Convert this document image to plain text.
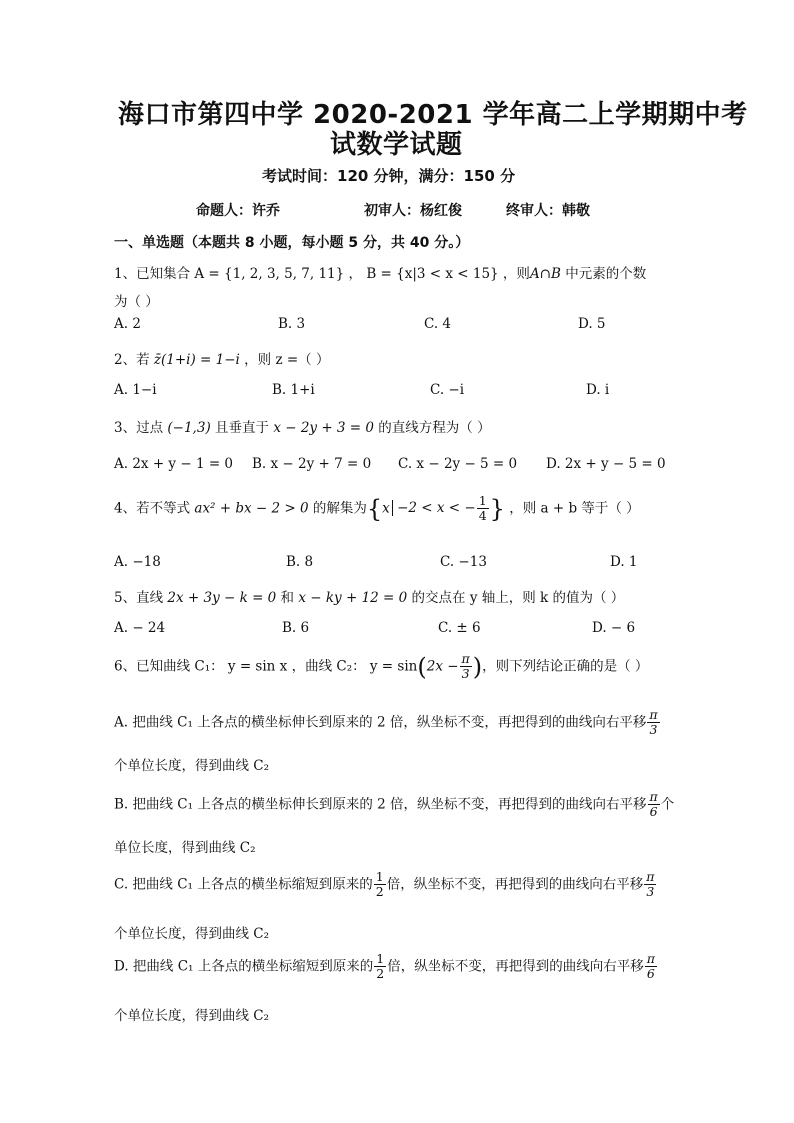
海口市第四中学 2020-2021 学年高二上学期期中考
试数学试题
考试时间：120 分钟，满分：150 分
命题人：许乔	初审人：杨红俊	终审人：韩敬
一、单选题（本题共 8 小题，每小题 5 分，共 40 分。）
1、已知集合 A = {1, 2, 3, 5, 7, 11} ， B = {x|3 < x < 15} ，则A∩B 中元素的个数
为（ ）
A. 2	B. 3	C. 4	D. 5
2、若 z̄(1+i) = 1−i ，则 z =（ ）
A. 1−i	B. 1+i	C. −i	D. i
3、过点 (−1,3) 且垂直于 x − 2y + 3 = 0 的直线方程为（ ）
A. 2x + y − 1 = 0 B. x − 2y + 7 = 0 C. x − 2y − 5 = 0 D. 2x + y − 5 = 0
4、若不等式 ax² + bx − 2 > 0 的解集为{x −2 < x < − $\frac{1}{4}$ } ，则 a + b 等于（ ）
A. −18	B. 8	C. −13	D. 1
5、直线 2x + 3y − k = 0 和 x − ky + 12 = 0 的交点在 y 轴上，则 k 的值为（ ）
A. − 24	B. 6	C. ± 6	D. − 6
6、已知曲线 C₁： y = sin x ，曲线 C₂： $y = \sin(2x - \frac{\pi}{3}$ )，则下列结论正确的是（ ）
A. 把曲线 C₁ 上各点的横坐标伸长到原来的 2 倍，纵坐标不变，再把得到的曲线向右平移 $\frac{\pi}{3}$
个单位长度，得到曲线 C₂
B. 把曲线 C₁ 上各点的横坐标伸长到原来的 2 倍，纵坐标不变，再把得到的曲线向右平移 $\frac{\pi}{6}$ 个
单位长度，得到曲线 C₂
C. 把曲线 C₁ 上各点的横坐标缩短到原来的 $\frac{1}{2}$ 倍，纵坐标不变，再把得到的曲线向右平移 $\frac{\pi}{3}$
个单位长度，得到曲线 C₂
D. 把曲线 C₁ 上各点的横坐标缩短到原来的 $\frac{1}{2}$ 倍，纵坐标不变，再把得到的曲线向右平移 $\frac{\pi}{6}$
个单位长度，得到曲线 C₂
